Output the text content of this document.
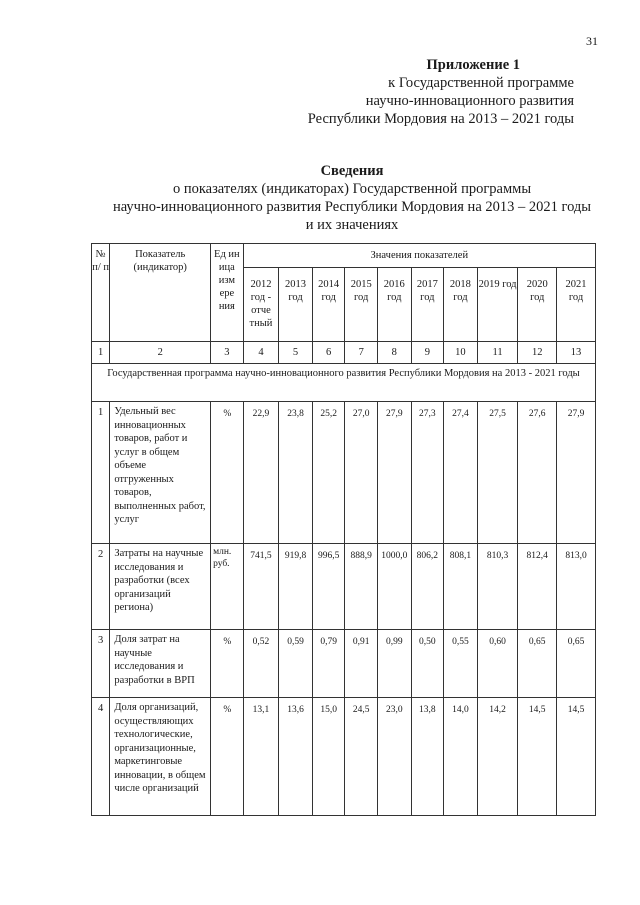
31
Приложение 1
к Государственной программе
научно-инновационного развития
Республики Мордовия на 2013 – 2021 годы
Сведения
о показателях (индикаторах) Государственной программы
научно-инновационного развития Республики Мордовия на 2013 – 2021 годы
и их значениях
№ п/ п	Показатель (индикатор)	Ед ин ица изм ере ния	Значения показателей									
			2012 год - отче тный	2013 год	2014 год	2015 год	2016 год	2017 год	2018 год	2019 год	2020 год	2021 год
1	2	3	4	5	6	7	8	9	10	11	12	13
Государственная программа научно-инновационного развития Республики Мордовия на 2013 - 2021 годы												
1	Удельный вес инновационных товаров, работ и услуг в общем объеме отгруженных товаров, выполненных работ, услуг	%	22,9	23,8	25,2	27,0	27,9	27,3	27,4	27,5	27,6	27,9
2	Затраты на научные исследования и разработки (всех организаций региона)	млн. руб.	741,5	919,8	996,5	888,9	1000,0	806,2	808,1	810,3	812,4	813,0
3	Доля затрат на научные исследования и разработки в ВРП	%	0,52	0,59	0,79	0,91	0,99	0,50	0,55	0,60	0,65	0,65
4	Доля организаций, осуществляющих технологические, организационные, маркетинговые инновации, в общем числе организаций	%	13,1	13,6	15,0	24,5	23,0	13,8	14,0	14,2	14,5	14,5
